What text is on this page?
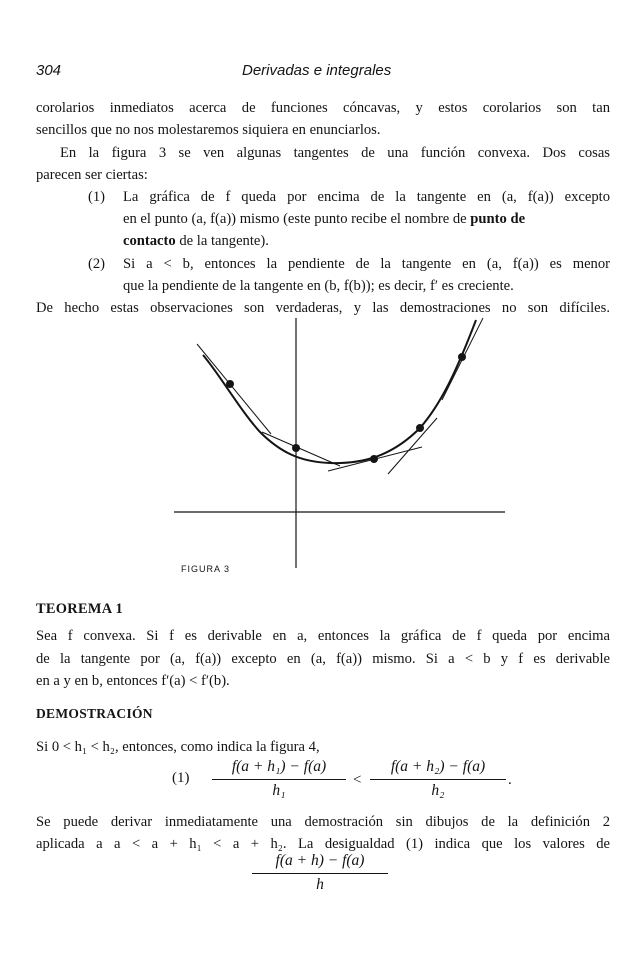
304	Derivadas e integrales
corolarios inmediatos acerca de funciones cóncavas, y estos corolarios son tan
sencillos que no nos molestaremos siquiera en enunciarlos.
En la figura 3 se ven algunas tangentes de una función convexa. Dos cosas
parecen ser ciertas:
(1) La gráfica de f queda por encima de la tangente en (a, f(a)) excepto
en el punto (a, f(a)) mismo (este punto recibe el nombre de punto de
contacto de la tangente).
(2) Si a < b, entonces la pendiente de la tangente en (a, f(a)) es menor
que la pendiente de la tangente en (b, f(b)); es decir, f′ es creciente.
De hecho estas observaciones son verdaderas, y las demostraciones no son difíciles.
FIGURA 3
TEOREMA 1
Sea f convexa. Si f es derivable en a, entonces la gráfica de f queda por encima
de la tangente por (a, f(a)) excepto en (a, f(a)) mismo. Si a < b y f es derivable
en a y en b, entonces f′(a) < f′(b).
DEMOSTRACIÓN
Si 0 < h₁ < h₂, entonces, como indica la figura 4,
(1)
f(a + h₁) − f(a)
h₁
<
f(a + h₂) − f(a)
h₂
.
Se puede derivar inmediatamente una demostración sin dibujos de la definición 2
aplicada a a < a + h₁ < a + h₂. La desigualdad (1) indica que los valores de
f(a + h) − f(a)
h
